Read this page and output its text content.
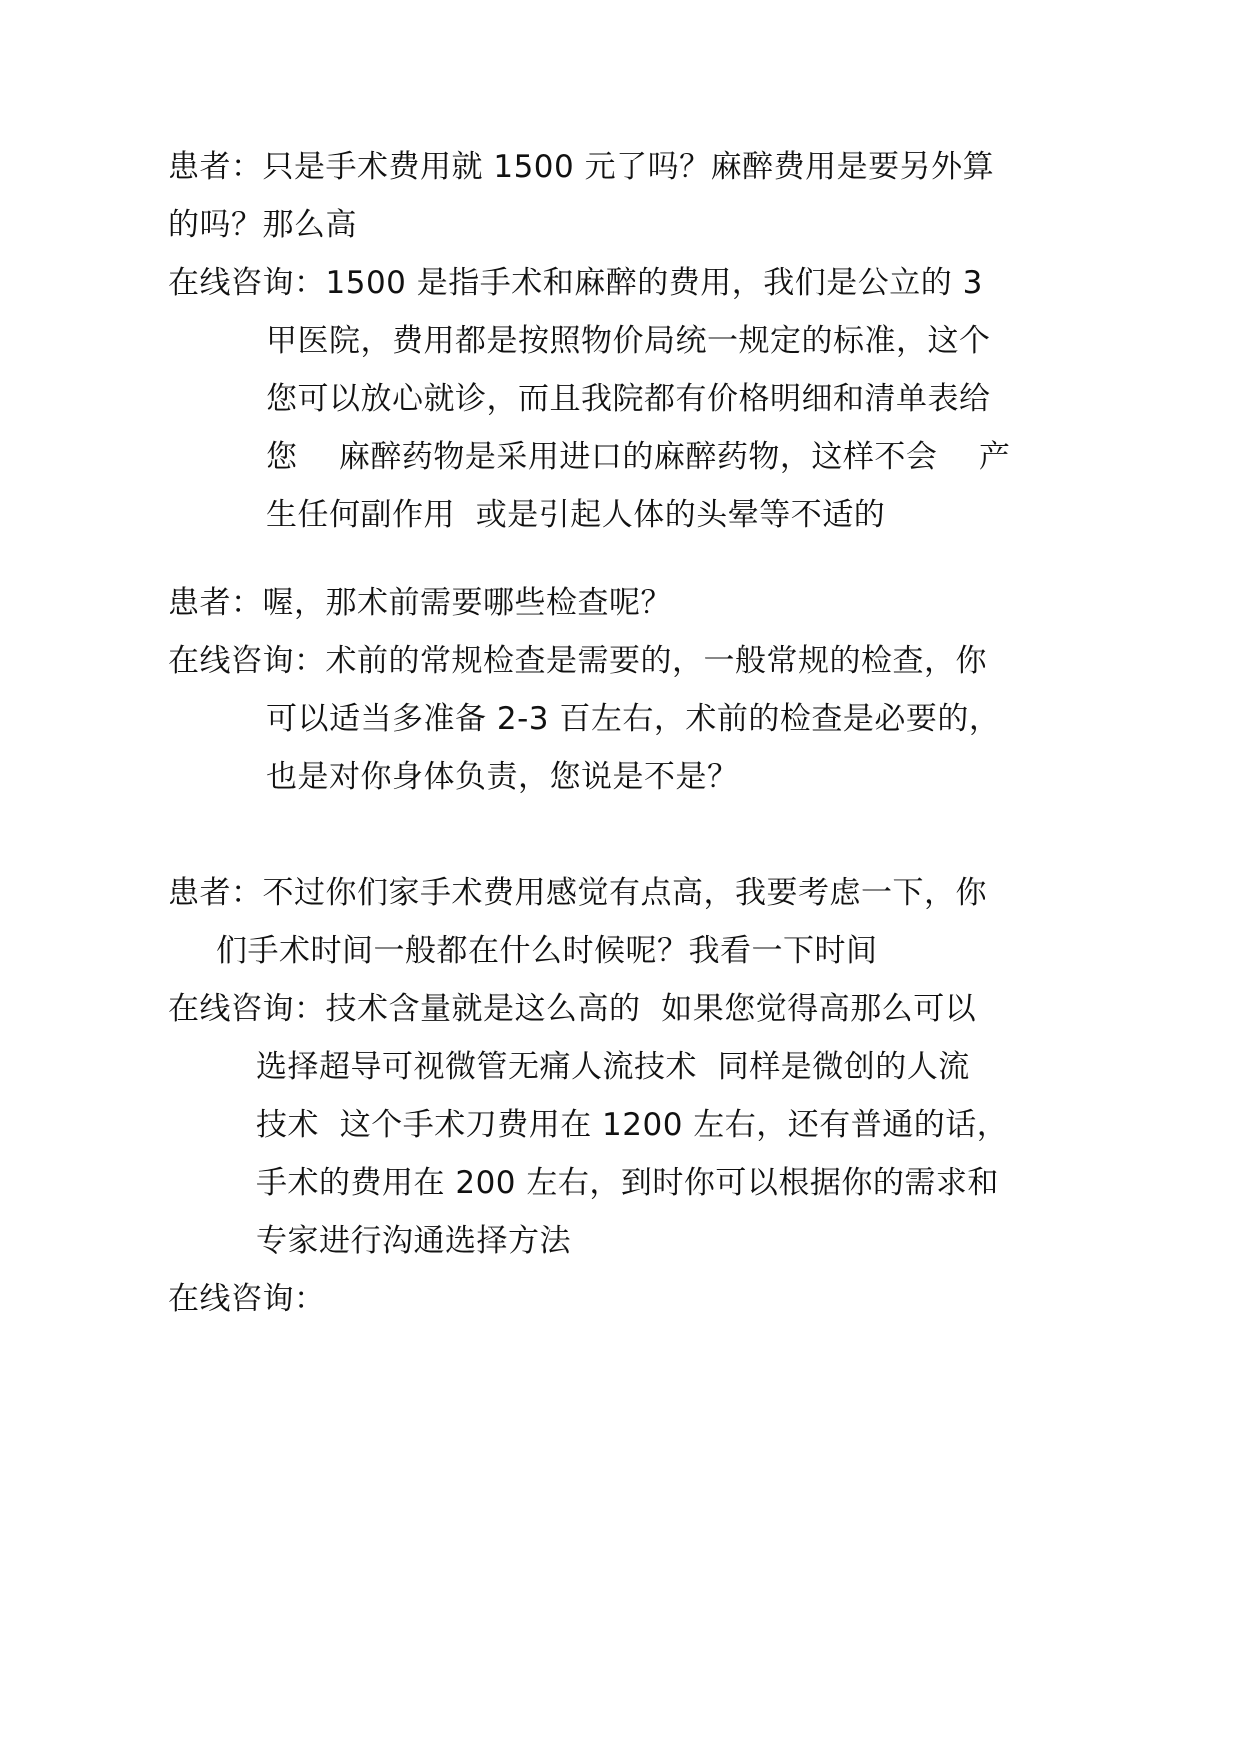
患者：只是手术费用就 1500 元了吗？麻醉费用是要另外算
的吗？那么高
在线咨询：1500 是指手术和麻醉的费用，我们是公立的 3
甲医院，费用都是按照物价局统一规定的标准，这个
您可以放心就诊，而且我院都有价格明细和清单表给
您    麻醉药物是采用进口的麻醉药物，这样不会    产
生任何副作用  或是引起人体的头晕等不适的
患者：喔，那术前需要哪些检查呢？
在线咨询：术前的常规检查是需要的，一般常规的检查，你
可以适当多准备 2-3 百左右，术前的检查是必要的，
也是对你身体负责，您说是不是？
患者：不过你们家手术费用感觉有点高，我要考虑一下，你
们手术时间一般都在什么时候呢？我看一下时间
在线咨询：技术含量就是这么高的  如果您觉得高那么可以
选择超导可视微管无痛人流技术  同样是微创的人流
技术  这个手术刀费用在 1200 左右，还有普通的话，
手术的费用在 200 左右，到时你可以根据你的需求和
专家进行沟通选择方法
在线咨询：
